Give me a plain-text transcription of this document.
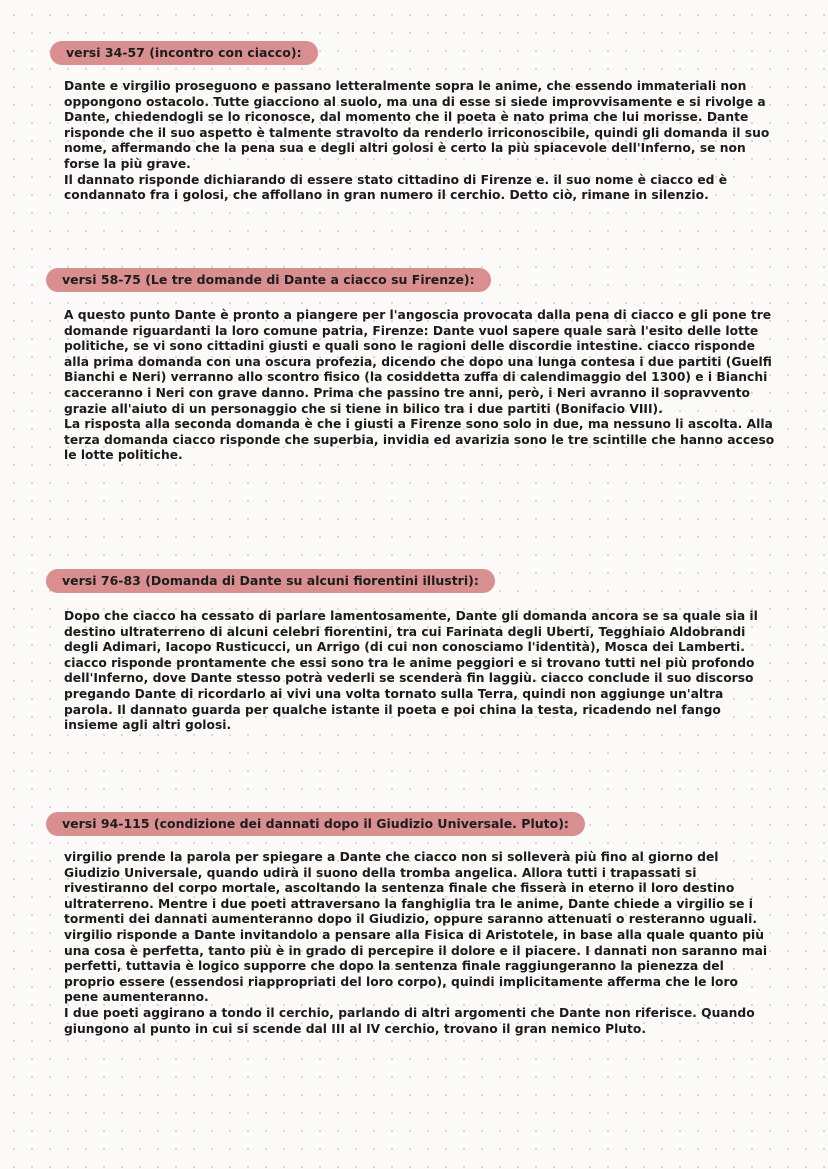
versi 34-57 (incontro con ciacco):

Dante e virgilio proseguono e passano letteralmente sopra le anime, che essendo immateriali non oppongono ostacolo. Tutte giacciono al suolo, ma una di esse si siede improvvisamente e si rivolge a Dante, chiedendogli se lo riconosce, dal momento che il poeta è nato prima che lui morisse. Dante risponde che il suo aspetto è talmente stravolto da renderlo irriconoscibile, quindi gli domanda il suo nome, affermando che la pena sua e degli altri golosi è certo la più spiacevole dell'Inferno, se non forse la più grave.

Il dannato risponde dichiarando di essere stato cittadino di Firenze e. il suo nome è ciacco ed è condannato fra i golosi, che affollano in gran numero il cerchio. Detto ciò, rimane in silenzio.

versi 58-75 (Le tre domande di Dante a ciacco su Firenze):

A questo punto Dante è pronto a piangere per l'angoscia provocata dalla pena di ciacco e gli pone tre domande riguardanti la loro comune patria, Firenze: Dante vuol sapere quale sarà l'esito delle lotte politiche, se vi sono cittadini giusti e quali sono le ragioni delle discordie intestine. ciacco risponde alla prima domanda con una oscura profezia, dicendo che dopo una lunga contesa i due partiti (Guelfi Bianchi e Neri) verranno allo scontro fisico (la cosiddetta zuffa di calendimaggio del 1300) e i Bianchi cacceranno i Neri con grave danno. Prima che passino tre anni, però, i Neri avranno il sopravvento grazie all'aiuto di un personaggio che si tiene in bilico tra i due partiti (Bonifacio VIII).

La risposta alla seconda domanda è che i giusti a Firenze sono solo in due, ma nessuno li ascolta. Alla terza domanda ciacco risponde che superbia, invidia ed avarizia sono le tre scintille che hanno acceso le lotte politiche.

versi 76-83 (Domanda di Dante su alcuni fiorentini illustri):

Dopo che ciacco ha cessato di parlare lamentosamente, Dante gli domanda ancora se sa quale sia il destino ultraterreno di alcuni celebri fiorentini, tra cui Farinata degli Uberti, Tegghiaio Aldobrandi degli Adimari, Iacopo Rusticucci, un Arrigo (di cui non conosciamo l'identità), Mosca dei Lamberti. ciacco risponde prontamente che essi sono tra le anime peggiori e si trovano tutti nel più profondo dell'Inferno, dove Dante stesso potrà vederli se scenderà fin laggiù. ciacco conclude il suo discorso pregando Dante di ricordarlo ai vivi una volta tornato sulla Terra, quindi non aggiunge un'altra parola. Il dannato guarda per qualche istante il poeta e poi china la testa, ricadendo nel fango insieme agli altri golosi.

versi 94-115 (condizione dei dannati dopo il Giudizio Universale. Pluto):

virgilio prende la parola per spiegare a Dante che ciacco non si solleverà più fino al giorno del Giudizio Universale, quando udirà il suono della tromba angelica. Allora tutti i trapassati si rivestiranno del corpo mortale, ascoltando la sentenza finale che fisserà in eterno il loro destino ultraterreno. Mentre i due poeti attraversano la fanghiglia tra le anime, Dante chiede a virgilio se i tormenti dei dannati aumenteranno dopo il Giudizio, oppure saranno attenuati o resteranno uguali. virgilio risponde a Dante invitandolo a pensare alla Fisica di Aristotele, in base alla quale quanto più una cosa è perfetta, tanto più è in grado di percepire il dolore e il piacere. I dannati non saranno mai perfetti, tuttavia è logico supporre che dopo la sentenza finale raggiungeranno la pienezza del proprio essere (essendosi riappropriati del loro corpo), quindi implicitamente afferma che le loro pene aumenteranno.

I due poeti aggirano a tondo il cerchio, parlando di altri argomenti che Dante non riferisce. Quando giungono al punto in cui si scende dal III al IV cerchio, trovano il gran nemico Pluto.
